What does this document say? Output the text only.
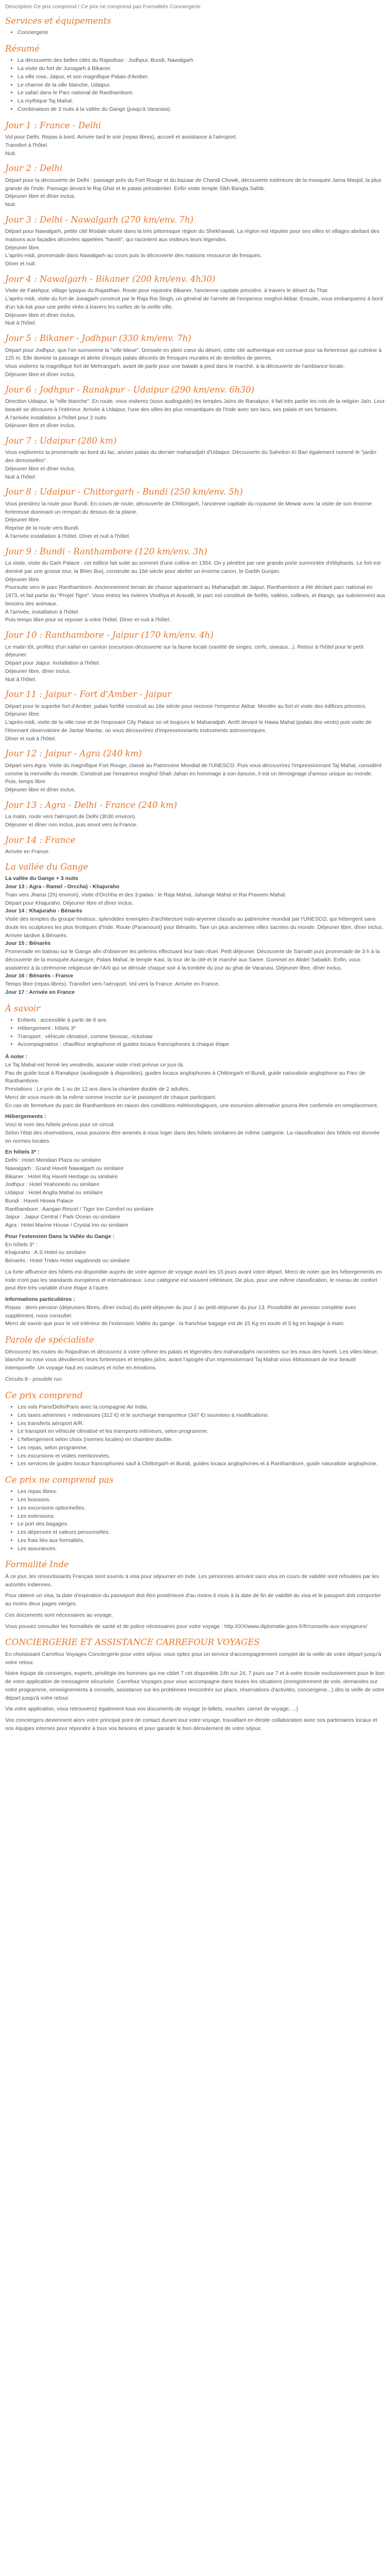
Description Ce prix comprend / Ce prix ne comprend pas Formalités Conciergerie

Services et équipements
• Conciergerie
Résumé
• La découverte des belles cités du Rajasthan : Jodhpur, Bundi, Nawalgarh
• La visite du fort de Junagarh à Bikaner.
• La ville rose, Jaipur, et son magnifique Palais d'Amber.
• Le charme de la ville blanche, Udaipur.
• Le safari dans le Parc national de Ranthambore.
• La mythique Taj Mahal.
• Combinaison de 3 nuits à la vallée du Gange (jusqu'à Varanasi).
Jour 1 : France - Delhi
Vol pour Delhi. Repas à bord. Arrivée tard le soir (repas libres), accueil et assistance à l'aéroport.
Transfert à l'hôtel.
Nuit.
Jour 2 : Delhi
Départ pour la découverte de Delhi : passage près du Fort Rouge et du bazaar de Chandi Chowk, découverte extérieure de la mosquée Jama Masjid, la plus grande de l'Inde. Passage devant le Raj Ghat et le palais présidentiel. Enfin visite temple Sikh Bangla Sahib.
Déjeuner libre et dîner inclus.
Nuit.
Jour 3 : Delhi - Nawalgarh (270 km/env. 7h)
Départ pour Nawalgarh, petite cité féodale située dans la très pittoresque région du Shekhawati. La région est réputée pour ses villes et villages abritant des maisons aux façades décorées appelées "haveli", qui racontent aux visiteurs leurs légendes.
Déjeuner libre.
L'après-midi, promenade dans Nawalgarh au cours puis la découverte des maisons ressource de fresques.
Dîner et nuit.
Jour 4 : Nawalgarh - Bikaner (200 km/env. 4h30)
Visite de Fatehpur, village typique du Rajasthan. Route pour rejoindre Bikaner, l'ancienne capitale princière, à travers le désert du Thar.
L'après-midi, visite du fort de Junagarh construit par le Raja Rai Singh, un général de l'armée de l'empereur moghol Akbar. Ensuite, vous embarquerez à bord d'un tuk-tuk pour une petite virée à travers les ruelles de la vieille ville.
Déjeuner libre et dîner inclus.
Nuit à l'hôtel.
Jour 5 : Bikaner - Jodhpur (330 km/env. 7h)
Départ pour Jodhpur, que l'on surnomme la "ville bleue". Dressée en plein cœur du désert, cette cité authentique est connue pour sa forteresse qui culmine à 125 m. Elle domine la passage et abrite d'exquis palais décorés de fresques murales et de dentelles de pierres.
Vous visiterez la magnifique fort de Mehrangarh, avant de partir pour une balade à pied dans le marché, à la découverte de l'ambiance locale.
Déjeuner libre et dîner inclus.
Jour 6 : Jodhpur - Ranakpur - Udaipur (290 km/env. 6h30)
Direction Udaipur, la "ville blanche". En route, vous visiterez (sous audioguide) les temples Jaïns de Ranakpur, il fait très partie les rois de la religion Jaïn. Leur beauté se découvre à l'intérieur. Arrivée à Udaipur, l'une des villes les plus romantiques de l'Inde avec ses lacs, ses palais et ses fontaines.
À l'arrivée installation à l'hôtel pour 2 nuits.
Déjeuner libre et dîner inclus.
Jour 7 : Udaipur (280 km)
Vous explorerez la promenade au bord du lac, ancien palais du dernier maharadjah d'Udaipur. Découverte du Sahelion Ki Bari également nommé le "jardin des demoiselles".
Déjeuner libre et dîner inclus.
Nuit à l'hôtel.
Jour 8 : Udaipur - Chittorgarh - Bundi (250 km/env. 5h)
Vous prendrez la route pour Bundi. En cours de route, découverte de Chittorgarh, l'ancienne capitale du royaume de Mewar avec la visite de son énorme forteresse dominant un rempart du dessus de la plaine.
Déjeuner libre.
Reprise de la route vers Bundi.
À l'arrivée installation à l'hôtel. Dîner et nuit à l'hôtel.
Jour 9 : Bundi - Ranthambore (120 km/env. 3h)
La visite, visite du Garh Palace : cet édifice fait suite au sommet d'une colline en 1354. On y pénètre par une grande porte surmontée d'éléphants. Le fort est dominé par une grosse tour, la Bhim Burj, construite au 16è siècle pour abriter un énorme canon, le Garbh Gunjan.
Déjeuner libre.
Poursuite vers le parc Ranthambore. Anciennement terrain de chasse appartenant au Maharadjah de Jaipur, Ranthambore a été déclaré parc national en 1973, et fait partie du "Projet Tigre". Vous entrez les rivières Vindhya et Aravalli, le parc est constitué de forêts, vallées, collines, et étangs, qui subviennent aux besoins des animaux.
À l'arrivée, installation à l'hôtel.
Puis temps libre pour se reposer à votre l'hôtel. Dîner et nuit à l'hôtel.
Jour 10 : Ranthambore - Jaipur (170 km/env. 4h)
Le matin tôt, profitez d'un safari en camion (excursion découverte sur la faune locale (variété de singes, cerfs, oiseaux...). Retour à l'hôtel pour le petit déjeuner.
Départ pour Jaipur. Installation à l'hôtel.
Déjeuner libre, dîner inclus.
Nuit à l'hôtel.
Jour 11 : Jaipur - Fort d'Amber - Jaipur
Départ pour le superbe fort d'Amber, palais fortifié construit au 16e siècle pour recevoir l'empereur Akbar. Montée au fort et visite des édifices princiers.
Déjeuner libre.
L'après-midi, visite de la ville rose et de l'imposant City Palace où vit toujours le Maharadjah. Arrêt devant le Hawa Mahal (palais des vents) puis visite de l'étonnant observatoire de Jantar Mantar, où vous découvrirez d'impressionnants instruments astronomiques.
Dîner et nuit à l'hôtel.
Jour 12 : Jaipur - Agra (240 km)
Départ vers Agra. Visite du magnifique Fort Rouge, classé au Patrimoine Mondial de l'UNESCO. Puis vous découvrirez l'impressionnant Taj Mahal, considéré comme la merveille du monde. Construit par l'empereur moghol Shah Jahan en hommage à son épouse, il est un témoignage d'amour unique au monde. Puis, temps libre.
Déjeuner libre et dîner inclus.
Jour 13 : Agra - Delhi - France (240 km)
La matin, route vers l'aéroport de Delhi (3h30 environ).
Déjeuner et dîner non inclus, puis envol vers la France.
Jour 14 : France
Arrivée en France.
La vallée du Gange
La vallée du Gange + 3 nuits
Jour 13 : Agra - Rameî - Orccha) - Khajuraho
Train vers Jhansi (2h) environ), visite d'Orchha et des 3 palais : le Raja Mahal, Jahangir Mahal et Rai Praveen Mahal.
Départ pour Khajuraho. Déjeuner libre et dîner inclus.
Jour 14 : Khajuraho - Bénarès
Visite des temples du groupe hindous, splendides exemples d'architecture indo-aryenne classés au patrimoine mondial par l'UNESCO, qui hébergent sans doute les sculptures les plus érotiques d'Inde. Route (Paramount) pour Bénarès. Tare un plus anciennes villes sacrées du monde. Déjeuner libre, dîner inclus. Arrivée tardive à Bénarès.
Jour 15 : Bénarès
Promenade en bateau sur le Gange afin d'observer les pèlerins effectuant leur bain rituel. Petit déjeuner. Découverte de Sarnath puis promenade de 3 h à la découverte de la mosquée Aurangze, Palais Mahal, le temple Kasi, la tour de la cité et le marché aux Saree. Gommet en Abdel Sabaikh. Enfin, vous assisterez à la cérémonie religieuse de l'Arti qui se déroule chaque soir à la tombée du jour au ghat de Varanasi. Déjeuner libre, dîner inclus.
Jour 16 : Bénarès - France
Temps libre (repas libres). Transfert vers l'aéroport. Vol vers la France. Arrivée en France.
Jour 17 : Arrivée en France
À savoir
• Enfants : accessible à partir de 6 ans
• Hébergement : hôtels 3*
• Transport : véhicule climatisé, comme bivouac, rickshaw
• Accompagnateur : chauffeur anglophone et guides locaux francophones à chaque étape

À noter :
Le Taj Mahal est fermé les vendredis, aucune visite n'est prévue ce jour-là.
Pas de guide local à Ranakpur (audioguide à disposition), guides locaux anglophones à Chittorgarh et Bundi, guide naturaliste anglophone au Parc de Ranthambore.
Prestations : Le prix de 1 ou de 12 ans dans la chambre double de 2 adultes.
Merci de vous munir de la même somme inscrite sur le passeport de chaque participant.
En cas de fermeture du parc de Ranthambore en raison des conditions météorologiques, une excursion alternative pourra être confirmée en remplacement.

Hébergements :
Voici le nom des hôtels prévus pour ce circuit.
Selon l'état des réservations, nous pouvons être amenés à vous loger dans des hôtels similaires de même catégorie. La classification des hôtels est donnée en normes locales.

En hôtels 3* :
Delhi : Hotel Meridian Plaza ou similaire
Nawalgarh : Grand Haveli Nawalgarh ou similaire
Bikaner : Hotel Raj Haveli Heritage ou similaire
Jodhpur : Hotel Yeahoriedo ou similaire
Udaipur : Hotel Anglia Mahal ou similaire
Bundi : Haveli Hiowa Palace
Ranthambore : Aangan Resort / Tiger Inn Comfort ou similaire
Jaipur : Jaipur Central / Park Ocean ou similaire
Agra : Hotel Marine House / Crystal Inn ou similaire

Pour l'extension Dans la Vallée du Gange :
En hôtels 3* :
Khajuraho : A.S Hotel ou similaire
Bénarès : Hotel Tridev Hotel vagabonds ou similaire

La forte affluence des hôtels est disponible auprès de votre agence de voyage avant les 15 jours avant votre départ. Merci de noter que les hébergements en Inde n'ont pas les standards européens et internationaux. Leur catégorie est souvent inférieure. De plus, pour une même classification, le niveau de confort peut être très variable d'une étape à l'autre.

Informations particulières :
Repas : demi-pension (déjeuners libres, dîner inclus) du petit-déjeuner du jour 2 au petit-déjeuner du jour 13. Possibilité de pension complète avec supplément, nous consulter.
Merci de savoir que pour le vol intérieur de l'extension Vallée du gange : la franchise bagage est de 15 Kg en soute et 5 kg en bagage à main.

Parole de spécialiste

Découvrez les routes du Rajasthan et découvrez à votre rythme les palais et légendes des maharadjahs racontées sur les eaux des haveli. Les villes bleue, blanche ou rose vous dévoileront leurs forteresses et temples jaïns, avant l'apogée d'un impressionnant Taj Mahal vous éblouissant de leur beauté intemporelle. Un voyage haut en couleurs et riche en émotions.

Circuits 8 - possible run

Ce prix comprend
• Les vols Paris/Delhi/Paris avec la compagnie Air India.
• Les taxes aériennes + redevances (312 €) et le surcharge transporteur (347 €) soumises à modifications.
• Les transferts aéroport A/R.
• Le transport en véhicule climatisé et les transports intérieurs, selon programme.
• L'hébergement selon choix (normes locales) en chambre double.
• Les repas, selon programme.
• Les excursions et visites mentionnées.
• Les services de guides locaux francophones sauf à Chittorgarh et Bundi, guides locaux anglophones et à Ranthambore, guide naturaliste anglophone.
Ce prix ne comprend pas
• Les repas libres.
• Les boissons.
• Les excursions optionnelles.
• Les extensions.
• Le port des bagages.
• Les dépenses et valeurs personnelles.
• Les frais liés aux formalités.
• Les assurances.
Formalité Inde

À ce jour, les ressortissants Français sont soumis à visa pour séjourner en Inde. Les personnes arrivant sans visa en cours de validité sont refoulées par les autorités indiennes.

Pour obtenir un visa, la date d'expiration du passeport doit être postérieure d'au moins 6 mois à la date de fin de validité du visa et le passport doit comporter au moins deux pages vierges.

Ces documents sont nécessaires au voyage.

Vous pouvez consulter les formalités de santé et de police nécessaires pour votre voyage : http:XXX/www.diplomatie.gouv.fr/fr/conseils-aux-voyageurs/

CONCIERGERIE ET ASSISTANCE CARREFOUR VOYAGES

En choisissant Carrefour Voyages Conciergerie pour votre séjour, vous optez pour un service d'accompagnement complet de la veille de votre départ jusqu'à votre retour.

Notre équipe de concierges, experts, privilégie les hommes qui me ciblet 7 cet disponible 24h sur 24, 7 jours sur 7 et à votre écoute exclusivement pour le bon de votre application de messagerie sécurisée. Carrefour Voyages pour vous accompagne dans toutes les situations (enregistrement de vols, demandes sur votre programme, renseignements à conseils, assistance sur les problèmes rencontrés sur place, réservations d'activités, conciergerie...) dès la veille de votre départ jusqu'à votre retour.

Via votre application, vous retrouverez également tous vos documents de voyage (e-billets, voucher, carnet de voyage, ...)

Vos conciergers deviennent alors votre principal point de contact durant tout votre voyage, travaillant en étroite collaboration avec nos partenaires locaux et nos équipes internes pour répondre à tous vos besoins et pour garantir le bon déroulement de votre séjour.
